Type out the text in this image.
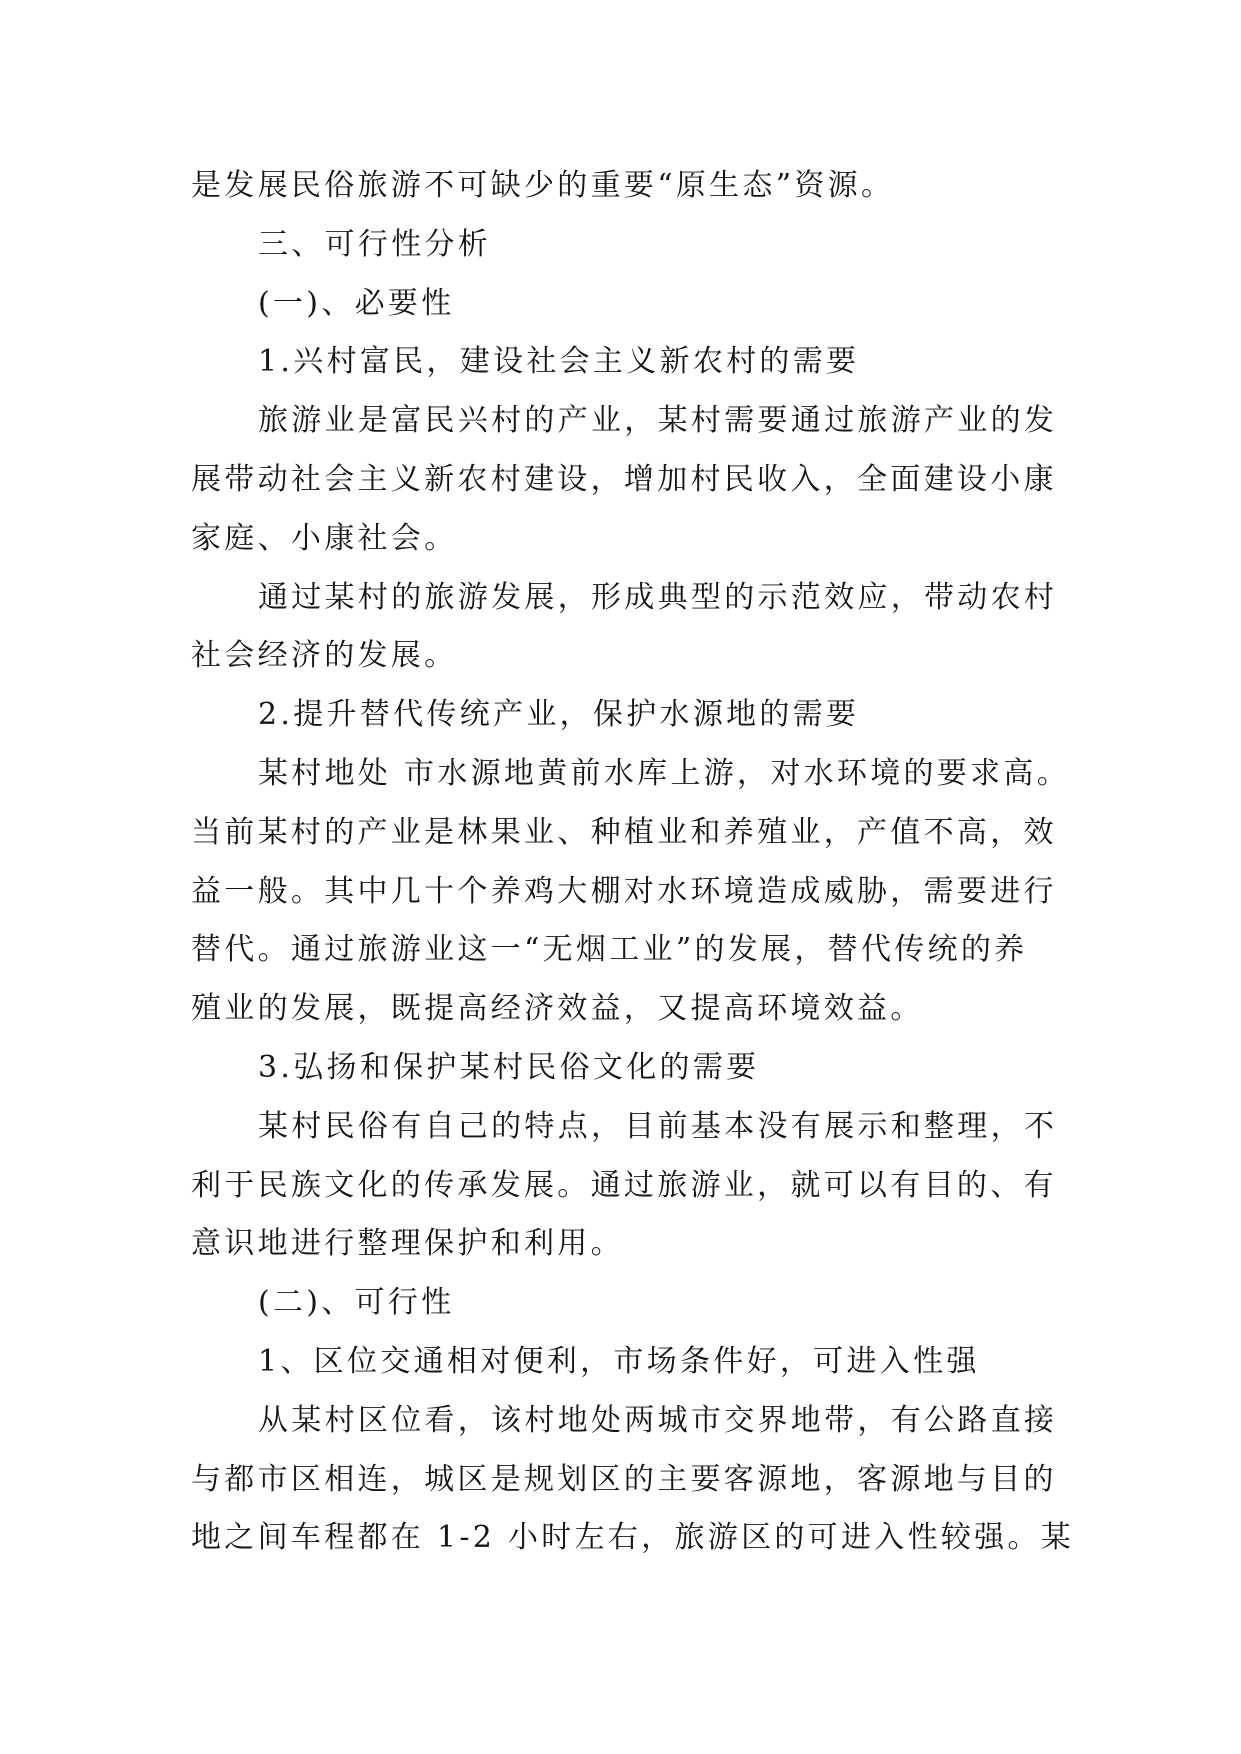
是发展民俗旅游不可缺少的重要“原生态”资源。
三、可行性分析
(一)、必要性
1.兴村富民，建设社会主义新农村的需要
旅游业是富民兴村的产业，某村需要通过旅游产业的发
展带动社会主义新农村建设，增加村民收入，全面建设小康
家庭、小康社会。
通过某村的旅游发展，形成典型的示范效应，带动农村
社会经济的发展。
2.提升替代传统产业，保护水源地的需要
某村地处 市水源地黄前水库上游，对水环境的要求高。
当前某村的产业是林果业、种植业和养殖业，产值不高，效
益一般。其中几十个养鸡大棚对水环境造成威胁，需要进行
替代。通过旅游业这一“无烟工业”的发展，替代传统的养
殖业的发展，既提高经济效益，又提高环境效益。
3.弘扬和保护某村民俗文化的需要
某村民俗有自己的特点，目前基本没有展示和整理，不
利于民族文化的传承发展。通过旅游业，就可以有目的、有
意识地进行整理保护和利用。
(二)、可行性
1、区位交通相对便利，市场条件好，可进入性强
从某村区位看，该村地处两城市交界地带，有公路直接
与都市区相连，城区是规划区的主要客源地，客源地与目的
地之间车程都在 1-2 小时左右，旅游区的可进入性较强。某
